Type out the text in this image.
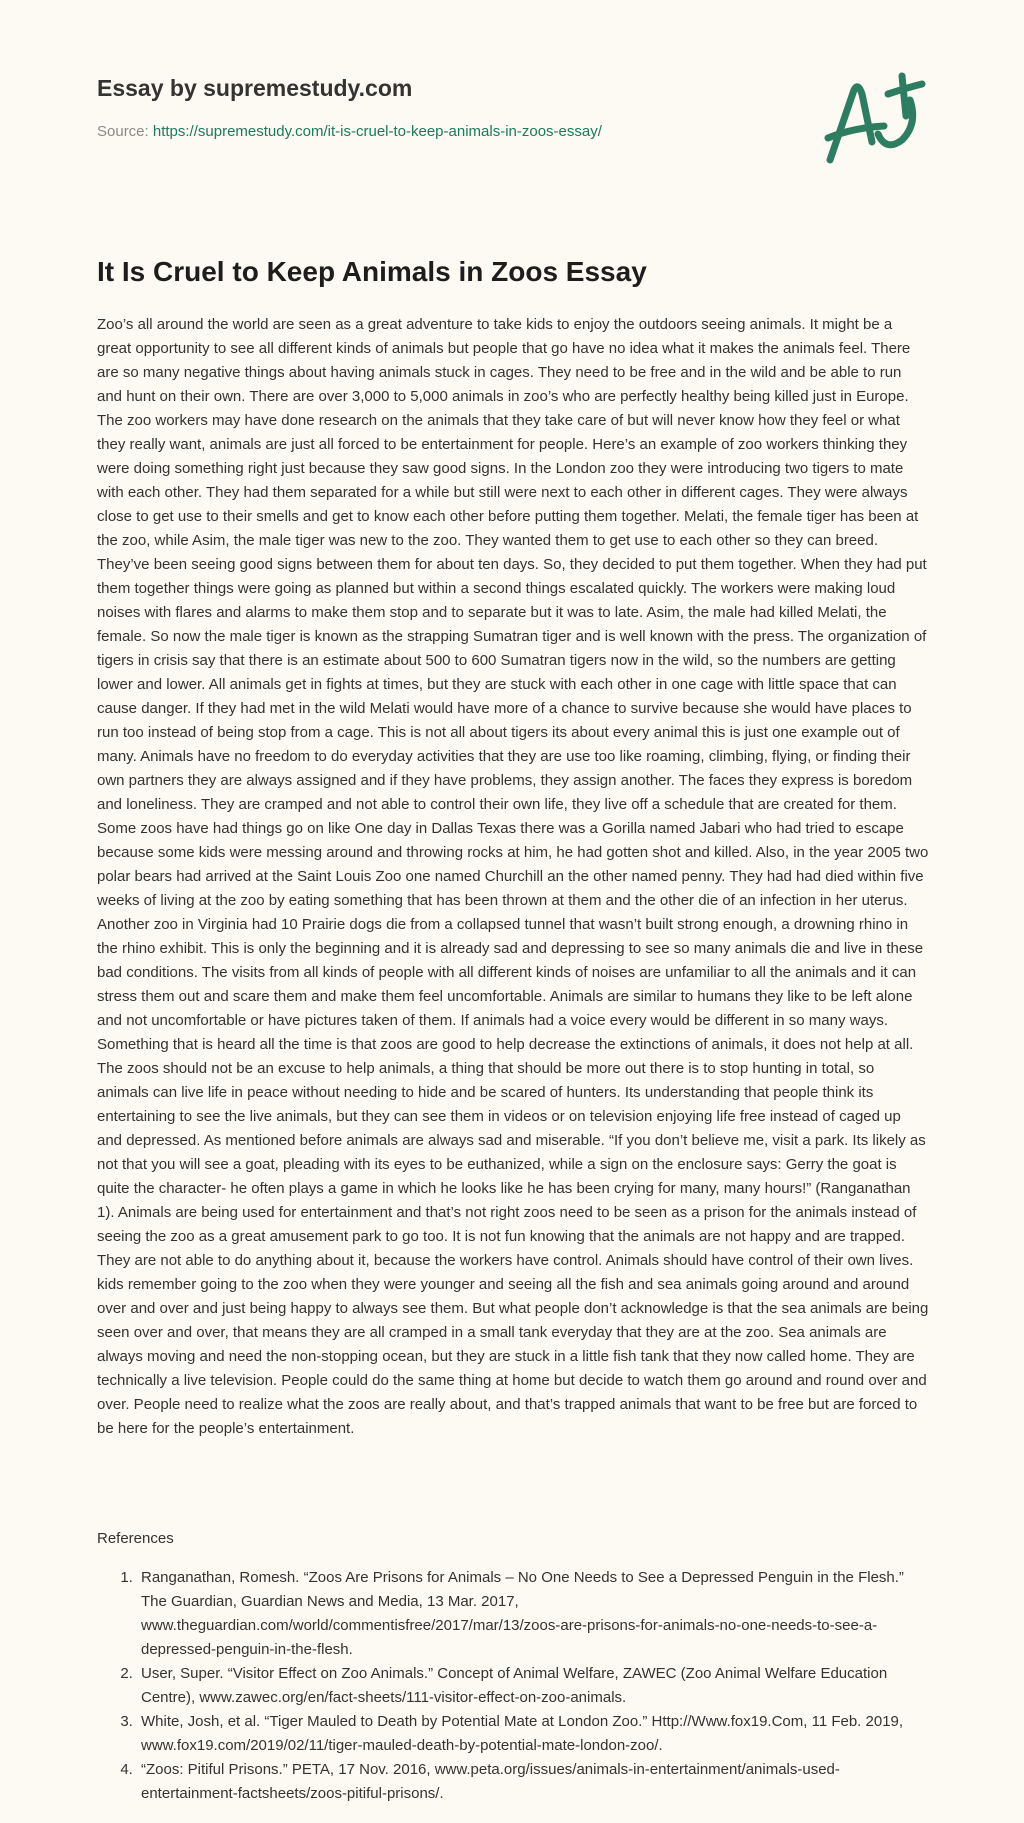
Essay by supremestudy.com
Source: https://supremestudy.com/it-is-cruel-to-keep-animals-in-zoos-essay/
It Is Cruel to Keep Animals in Zoos Essay

Zoo’s all around the world are seen as a great adventure to take kids to enjoy the outdoors seeing animals. It might be a great opportunity to see all different kinds of animals but people that go have no idea what it makes the animals feel. There are so many negative things about having animals stuck in cages. They need to be free and in the wild and be able to run and hunt on their own. There are over 3,000 to 5,000 animals in zoo’s who are perfectly healthy being killed just in Europe. The zoo workers may have done research on the animals that they take care of but will never know how they feel or what they really want, animals are just all forced to be entertainment for people. Here’s an example of zoo workers thinking they were doing something right just because they saw good signs. In the London zoo they were introducing two tigers to mate with each other. They had them separated for a while but still were next to each other in different cages. They were always close to get use to their smells and get to know each other before putting them together. Melati, the female tiger has been at the zoo, while Asim, the male tiger was new to the zoo. They wanted them to get use to each other so they can breed. They’ve been seeing good signs between them for about ten days. So, they decided to put them together. When they had put them together things were going as planned but within a second things escalated quickly. The workers were making loud noises with flares and alarms to make them stop and to separate but it was to late. Asim, the male had killed Melati, the female. So now the male tiger is known as the strapping Sumatran tiger and is well known with the press. The organization of tigers in crisis say that there is an estimate about 500 to 600 Sumatran tigers now in the wild, so the numbers are getting lower and lower. All animals get in fights at times, but they are stuck with each other in one cage with little space that can cause danger. If they had met in the wild Melati would have more of a chance to survive because she would have places to run too instead of being stop from a cage. This is not all about tigers its about every animal this is just one example out of many. Animals have no freedom to do everyday activities that they are use too like roaming, climbing, flying, or finding their own partners they are always assigned and if they have problems, they assign another. The faces they express is boredom and loneliness. They are cramped and not able to control their own life, they live off a schedule that are created for them. Some zoos have had things go on like One day in Dallas Texas there was a Gorilla named Jabari who had tried to escape because some kids were messing around and throwing rocks at him, he had gotten shot and killed. Also, in the year 2005 two polar bears had arrived at the Saint Louis Zoo one named Churchill an the other named penny. They had had died within five weeks of living at the zoo by eating something that has been thrown at them and the other die of an infection in her uterus. Another zoo in Virginia had 10 Prairie dogs die from a collapsed tunnel that wasn’t built strong enough, a drowning rhino in the rhino exhibit. This is only the beginning and it is already sad and depressing to see so many animals die and live in these bad conditions. The visits from all kinds of people with all different kinds of noises are unfamiliar to all the animals and it can stress them out and scare them and make them feel uncomfortable. Animals are similar to humans they like to be left alone and not uncomfortable or have pictures taken of them. If animals had a voice every would be different in so many ways. Something that is heard all the time is that zoos are good to help decrease the extinctions of animals, it does not help at all. The zoos should not be an excuse to help animals, a thing that should be more out there is to stop hunting in total, so animals can live life in peace without needing to hide and be scared of hunters. Its understanding that people think its entertaining to see the live animals, but they can see them in videos or on television enjoying life free instead of caged up and depressed. As mentioned before animals are always sad and miserable. “If you don’t believe me, visit a park. Its likely as not that you will see a goat, pleading with its eyes to be euthanized, while a sign on the enclosure says: Gerry the goat is quite the character- he often plays a game in which he looks like he has been crying for many, many hours!” (Ranganathan 1). Animals are being used for entertainment and that’s not right zoos need to be seen as a prison for the animals instead of seeing the zoo as a great amusement park to go too. It is not fun knowing that the animals are not happy and are trapped. They are not able to do anything about it, because the workers have control. Animals should have control of their own lives. kids remember going to the zoo when they were younger and seeing all the fish and sea animals going around and around over and over and just being happy to always see them. But what people don’t acknowledge is that the sea animals are being seen over and over, that means they are all cramped in a small tank everyday that they are at the zoo. Sea animals are always moving and need the non-stopping ocean, but they are stuck in a little fish tank that they now called home. They are technically a live television. People could do the same thing at home but decide to watch them go around and round over and over. People need to realize what the zoos are really about, and that’s trapped animals that want to be free but are forced to be here for the people’s entertainment.

References

1. Ranganathan, Romesh. “Zoos Are Prisons for Animals – No One Needs to See a Depressed Penguin in the Flesh.” The Guardian, Guardian News and Media, 13 Mar. 2017, www.theguardian.com/world/commentisfree/2017/mar/13/zoos-are-prisons-for-animals-no-one-needs-to-see-a-depressed-penguin-in-the-flesh.
2. User, Super. “Visitor Effect on Zoo Animals.” Concept of Animal Welfare, ZAWEC (Zoo Animal Welfare Education Centre), www.zawec.org/en/fact-sheets/111-visitor-effect-on-zoo-animals.
3. White, Josh, et al. “Tiger Mauled to Death by Potential Mate at London Zoo.” Http://Www.fox19.Com, 11 Feb. 2019, www.fox19.com/2019/02/11/tiger-mauled-death-by-potential-mate-london-zoo/.
4. “Zoos: Pitiful Prisons.” PETA, 17 Nov. 2016, www.peta.org/issues/animals-in-entertainment/animals-used-entertainment-factsheets/zoos-pitiful-prisons/.
